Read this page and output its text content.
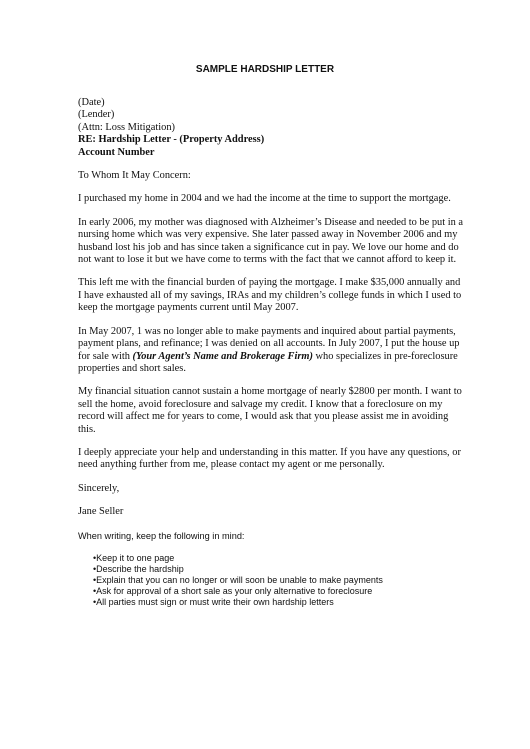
SAMPLE HARDSHIP LETTER
(Date)
(Lender)
(Attn: Loss Mitigation)
RE: Hardship Letter - (Property Address)
Account Number

To Whom It May Concern:

I purchased my home in 2004 and we had the income at the time to support the mortgage.

In early 2006, my mother was diagnosed with Alzheimer’s Disease and needed to be put in a nursing home which was very expensive. She later passed away in November 2006 and my husband lost his job and has since taken a significance cut in pay. We love our home and do not want to lose it but we have come to terms with the fact that we cannot afford to keep it.

This left me with the financial burden of paying the mortgage. I make $35,000 annually and I have exhausted all of my savings, IRAs and my children’s college funds in which I used to keep the mortgage payments current until May 2007.

In May 2007, 1 was no longer able to make payments and inquired about partial payments, payment plans, and refinance; I was denied on all accounts. In July 2007, I put the house up for sale with (Your Agent’s Name and Brokerage Firm) who specializes in pre-foreclosure properties and short sales.

My financial situation cannot sustain a home mortgage of nearly $2800 per month. I want to sell the home, avoid foreclosure and salvage my credit. I know that a foreclosure on my record will affect me for years to come, I would ask that you please assist me in avoiding this.

I deeply appreciate your help and understanding in this matter. If you have any questions, or need anything further from me, please contact my agent or me personally.

Sincerely,

Jane Seller

When writing, keep the following in mind:

•Keep it to one page
•Describe the hardship
•Explain that you can no longer or will soon be unable to make payments
•Ask for approval of a short sale as your only alternative to foreclosure
•All parties must sign or must write their own hardship letters
